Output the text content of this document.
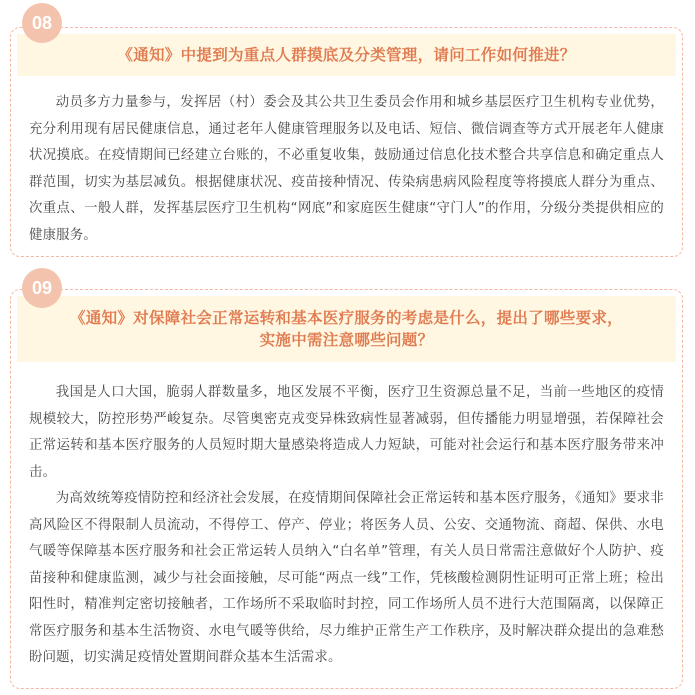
《通知》中提到为重点人群摸底及分类管理，请问工作如何推进？

动员多方力量参与，发挥居（村）委会及其公共卫生委员会作用和城乡基层医疗卫生机构专业优势，充分利用现有居民健康信息，通过老年人健康管理服务以及电话、短信、微信调查等方式开展老年人健康状况摸底。在疫情期间已经建立台账的，不必重复收集，鼓励通过信息化技术整合共享信息和确定重点人群范围，切实为基层减负。根据健康状况、疫苗接种情况、传染病患病风险程度等将摸底人群分为重点、次重点、一般人群，发挥基层医疗卫生机构“网底”和家庭医生健康“守门人”的作用，分级分类提供相应的健康服务。

08
《通知》对保障社会正常运转和基本医疗服务的考虑是什么，提出了哪些要求，
实施中需注意哪些问题？

我国是人口大国，脆弱人群数量多，地区发展不平衡，医疗卫生资源总量不足，当前一些地区的疫情规模较大，防控形势严峻复杂。尽管奥密克戎变异株致病性显著减弱，但传播能力明显增强，若保障社会正常运转和基本医疗服务的人员短时期大量感染将造成人力短缺，可能对社会运行和基本医疗服务带来冲击。

为高效统筹疫情防控和经济社会发展，在疫情期间保障社会正常运转和基本医疗服务，《通知》要求非高风险区不得限制人员流动，不得停工、停产、停业；将医务人员、公安、交通物流、商超、保供、水电气暖等保障基本医疗服务和社会正常运转人员纳入“白名单”管理，有关人员日常需注意做好个人防护、疫苗接种和健康监测，减少与社会面接触，尽可能“两点一线”工作，凭核酸检测阴性证明可正常上班；检出阳性时，精准判定密切接触者，工作场所不采取临时封控，同工作场所人员不进行大范围隔离，以保障正常医疗服务和基本生活物资、水电气暖等供给，尽力维护正常生产工作秩序，及时解决群众提出的急难愁盼问题，切实满足疫情处置期间群众基本生活需求。

09
